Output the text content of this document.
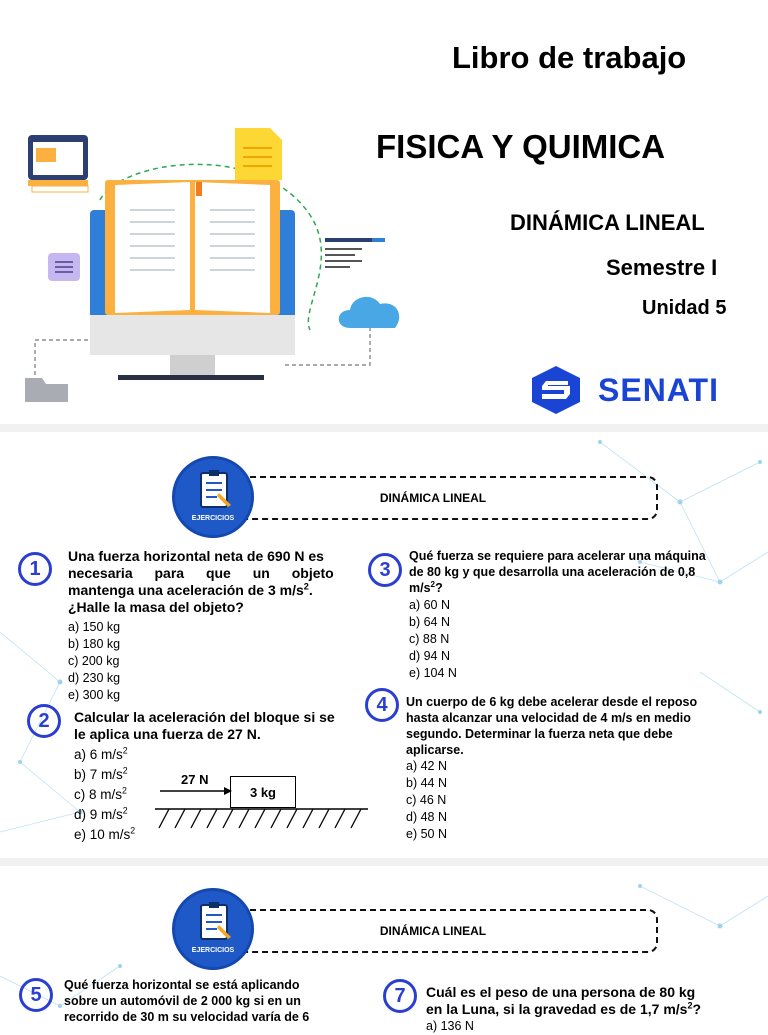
Libro de trabajo
FISICA Y QUIMICA
DINÁMICA LINEAL
Semestre I
Unidad 5
SENATI
DINÁMICA LINEAL
EJERCICIOS
1
Una fuerza horizontal neta de 690 N es
necesaria para que un objeto
mantenga una aceleración de 3 $m/s^2$.
¿Halle la masa del objeto?
a) 150 kg
b) 180 kg
c) 200 kg
d) 230 kg
e) 300 kg
2	Calcular la aceleración del bloque si se
le aplica una fuerza de 27 N.
a) 6 $m/s^2$
b) 7 $m/s^2$
c) 8 $m/s^2$
d) 9 $m/s^2$
e) 10 $m/s^2$
27 N
3 kg
3
Qué fuerza se requiere para acelerar una máquina
de 80 kg y que desarrolla una aceleración de 0,8
$m/s^2$?
a) 60 N
b) 64 N
c) 88 N
d) 94 N
e) 104 N
4	Un cuerpo de 6 kg debe acelerar desde el reposo
hasta alcanzar una velocidad de 4 m/s en medio
segundo. Determinar la fuerza neta que debe
aplicarse.
a) 42 N
b) 44 N
c) 46 N
d) 48 N
e) 50 N
DINÁMICA LINEAL
EJERCICIOS
5	Qué fuerza horizontal se está aplicando
sobre un automóvil de 2 000 kg si en un
recorrido de 30 m su velocidad varía de 6
7	Cuál es el peso de una persona de 80 kg
en la Luna, si la gravedad es de 1,7 $m/s^2$?
a) 136 N
